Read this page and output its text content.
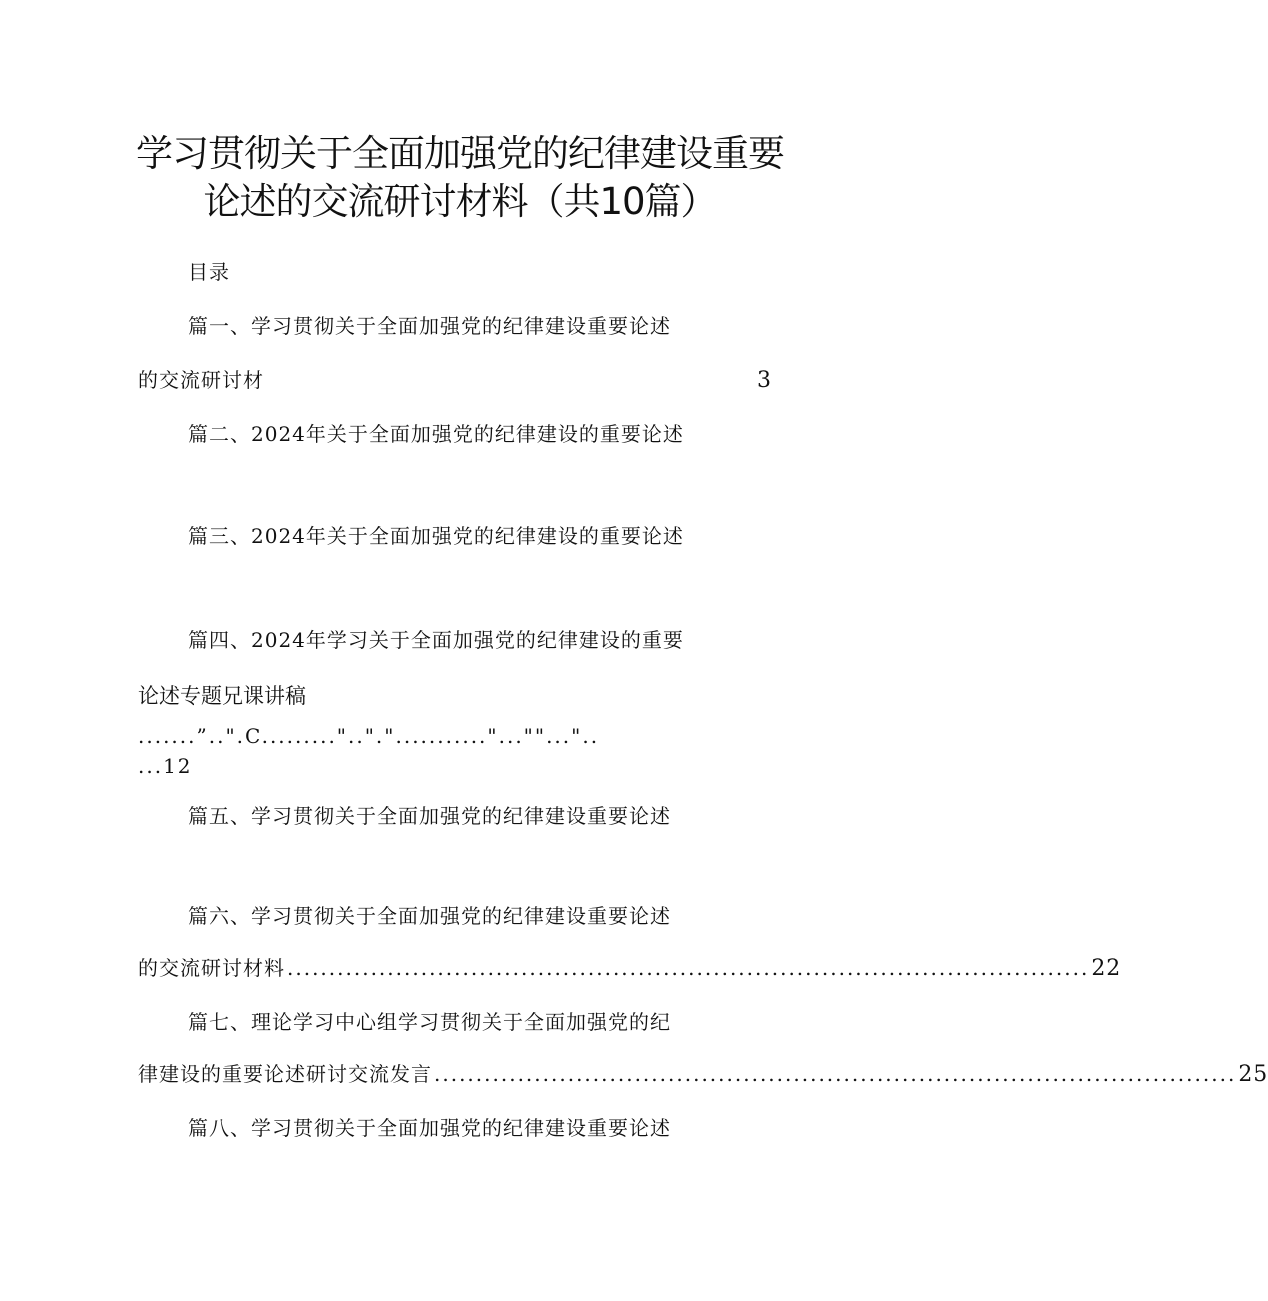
学习贯彻关于全面加强党的纪律建设重要
论述的交流研讨材料（共10篇）
目录
篇一、学习贯彻关于全面加强党的纪律建设重要论述
的交流研讨材	3
篇二、2024年关于全面加强党的纪律建设的重要论述
篇三、2024年关于全面加强党的纪律建设的重要论述
篇四、2024年学习关于全面加强党的纪律建设的重要
论述专题兄课讲稿
.......”..".C.........".."."..........."...""..."..
...12
篇五、学习贯彻关于全面加强党的纪律建设重要论述
篇六、学习贯彻关于全面加强党的纪律建设重要论述
的交流研讨材料 ................................................................................................ 22
篇七、理论学习中心组学习贯彻关于全面加强党的纪
律建设的重要论述研讨交流发言 ................................................................................................ 25
篇八、学习贯彻关于全面加强党的纪律建设重要论述
